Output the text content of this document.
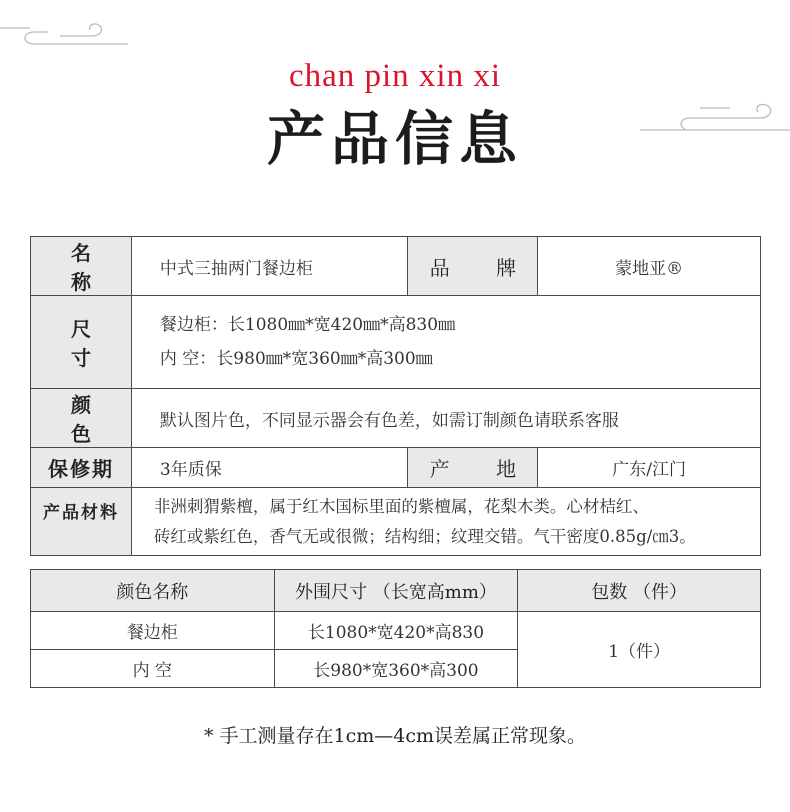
chan pin xin xi
产品信息
名 称	中式三抽两门餐边柜	品 牌	蒙地亚®
尺 寸	餐边柜：长1080㎜*宽420㎜*高830㎜
内 空：长980㎜*宽360㎜*高300㎜		

颜 色	默认图片色，不同显示器会有色差，如需订制颜色请联系客服		
保修期	3年质保	产 地	广东/江门
产品材料	非洲刺猬紫檀，属于红木国标里面的紫檀属，花梨木类。心材桔红、
砖红或紫红色，香气无或很微；结构细；纹理交错。气干密度0.85g/㎝3。		
颜色名称	外围尺寸 （长宽高mm）	包数 （件）
餐边柜	长1080*宽420*高830	1（件）
内 空	长980*宽360*高300	
* 手工测量存在1cm—4cm误差属正常现象。
